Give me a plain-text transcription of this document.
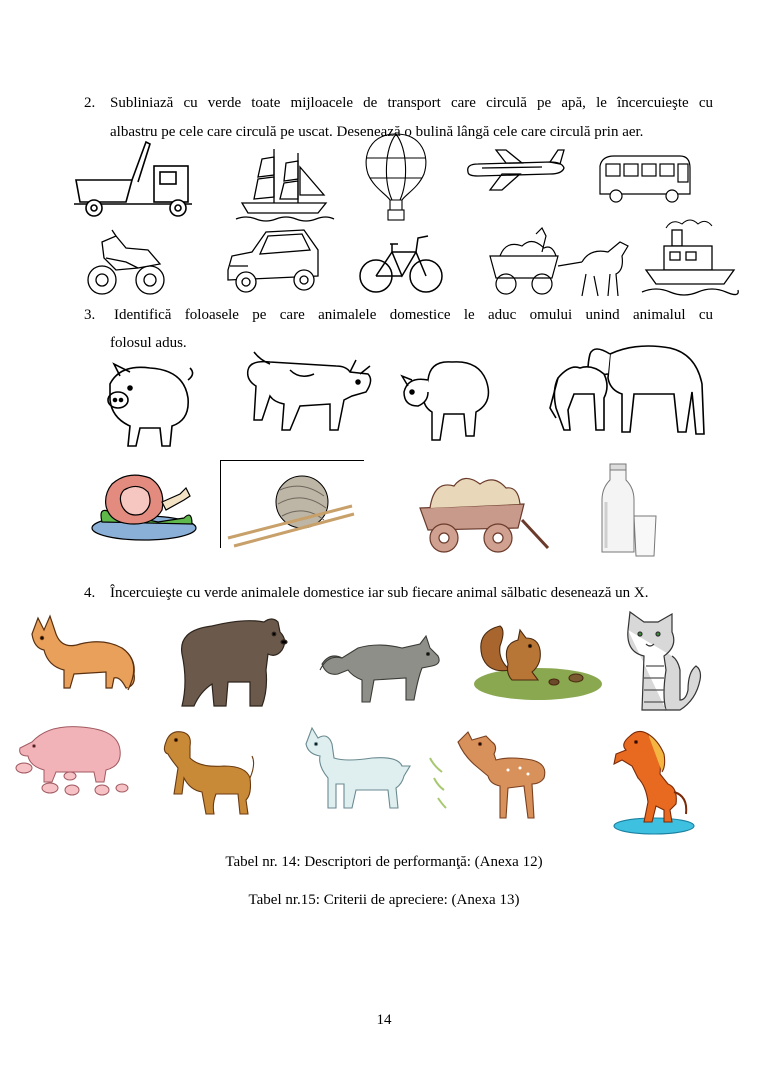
2. Subliniază cu verde toate mijloacele de transport care circulă pe apă, le încercuieşte cu
albastru pe cele care circulă pe uscat. Desenează o bulină lângă cele care circulă prin aer.
3. Identifică foloasele pe care animalele domestice le aduc omului unind animalul cu
folosul adus.
4. Încercuieşte cu verde animalele domestice iar sub fiecare animal sălbatic desenează un X.
Tabel nr. 14: Descriptori de performanţă: (Anexa 12)
Tabel nr.15: Criterii de apreciere: (Anexa 13)
14
